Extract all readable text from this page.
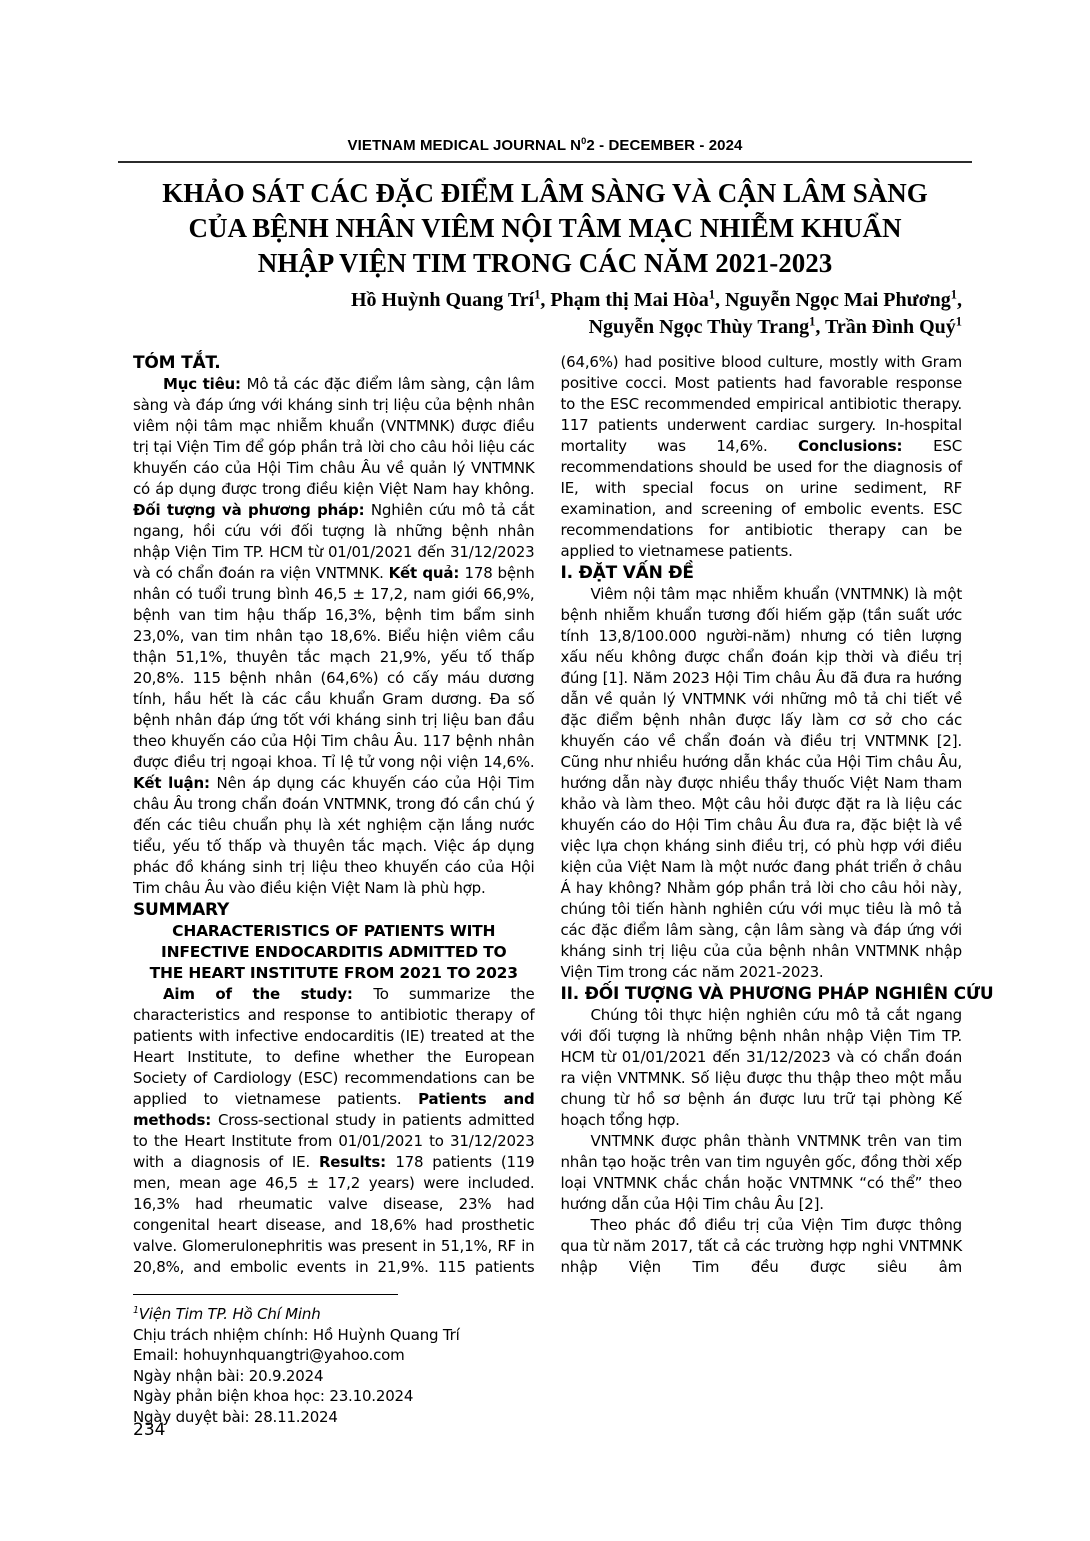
VIETNAM MEDICAL JOURNAL $N^02$ - DECEMBER - 2024
KHẢO SÁT CÁC ĐẶC ĐIỂM LÂM SÀNG VÀ CẬN LÂM SÀNG
CỦA BỆNH NHÂN VIÊM NỘI TÂM MẠC NHIỄM KHUẨN
NHẬP VIỆN TIM TRONG CÁC NĂM 2021-2023
Hồ Huỳnh Quang Trí$^1$, Phạm thị Mai Hòa$^1$, Nguyễn Ngọc Mai Phương$^1$,
Nguyễn Ngọc Thùy Trang$^1$, Trần Đình Quý$^1$
TÓM TẮT.

Mục tiêu: Mô tả các đặc điểm lâm sàng, cận lâm sàng và đáp ứng với kháng sinh trị liệu của bệnh nhân viêm nội tâm mạc nhiễm khuẩn (VNTMNK) được điều trị tại Viện Tim để góp phần trả lời cho câu hỏi liệu các khuyến cáo của Hội Tim châu Âu về quản lý VNTMNK có áp dụng được trong điều kiện Việt Nam hay không. Đối tượng và phương pháp: Nghiên cứu mô tả cắt ngang, hồi cứu với đối tượng là những bệnh nhân nhập Viện Tim TP. HCM từ 01/01/2021 đến 31/12/2023 và có chẩn đoán ra viện VNTMNK. Kết quả: 178 bệnh nhân có tuổi trung bình 46,5 ± 17,2, nam giới 66,9%, bệnh van tim hậu thấp 16,3%, bệnh tim bẩm sinh 23,0%, van tim nhân tạo 18,6%. Biểu hiện viêm cầu thận 51,1%, thuyên tắc mạch 21,9%, yếu tố thấp 20,8%. 115 bệnh nhân (64,6%) có cấy máu dương tính, hầu hết là các cầu khuẩn Gram dương. Đa số bệnh nhân đáp ứng tốt với kháng sinh trị liệu ban đầu theo khuyến cáo của Hội Tim châu Âu. 117 bệnh nhân được điều trị ngoại khoa. Tỉ lệ tử vong nội viện 14,6%. Kết luận: Nên áp dụng các khuyến cáo của Hội Tim châu Âu trong chẩn đoán VNTMNK, trong đó cần chú ý đến các tiêu chuẩn phụ là xét nghiệm cặn lắng nước tiểu, yếu tố thấp và thuyên tắc mạch. Việc áp dụng phác đồ kháng sinh trị liệu theo khuyến cáo của Hội Tim châu Âu vào điều kiện Việt Nam là phù hợp.

SUMMARY
CHARACTERISTICS OF PATIENTS WITH
INFECTIVE ENDOCARDITIS ADMITTED TO
THE HEART INSTITUTE FROM 2021 TO 2023

Aim of the study: To summarize the characteristics and response to antibiotic therapy of patients with infective endocarditis (IE) treated at the Heart Institute, to define whether the European Society of Cardiology (ESC) recommendations can be applied to vietnamese patients. Patients and methods: Cross-sectional study in patients admitted to the Heart Institute from 01/01/2021 to 31/12/2023 with a diagnosis of IE. Results: 178 patients (119 men, mean age 46,5 ± 17,2 years) were included. 16,3% had rheumatic valve disease, 23% had congenital heart disease, and 18,6% had prosthetic valve. Glomerulonephritis was present in 51,1%, RF in 20,8%, and embolic events in 21,9%. 115 patients

$^1$Viện Tim TP. Hồ Chí Minh
Chịu trách nhiệm chính: Hồ Huỳnh Quang Trí
Email: hohuynhquangtri@yahoo.com
Ngày nhận bài: 20.9.2024
Ngày phản biện khoa học: 23.10.2024
Ngày duyệt bài: 28.11.2024

(64,6%) had positive blood culture, mostly with Gram positive cocci. Most patients had favorable response to the ESC recommended empirical antibiotic therapy. 117 patients underwent cardiac surgery. In-hospital mortality was 14,6%. Conclusions: ESC recommendations should be used for the diagnosis of IE, with special focus on urine sediment, RF examination, and screening of embolic events. ESC recommendations for antibiotic therapy can be applied to vietnamese patients.

I. ĐẶT VẤN ĐỀ

Viêm nội tâm mạc nhiễm khuẩn (VNTMNK) là một bệnh nhiễm khuẩn tương đối hiếm gặp (tần suất ước tính 13,8/100.000 người-năm) nhưng có tiên lượng xấu nếu không được chẩn đoán kịp thời và điều trị đúng [1]. Năm 2023 Hội Tim châu Âu đã đưa ra hướng dẫn về quản lý VNTMNK với những mô tả chi tiết về đặc điểm bệnh nhân được lấy làm cơ sở cho các khuyến cáo về chẩn đoán và điều trị VNTMNK [2]. Cũng như nhiều hướng dẫn khác của Hội Tim châu Âu, hướng dẫn này được nhiều thầy thuốc Việt Nam tham khảo và làm theo. Một câu hỏi được đặt ra là liệu các khuyến cáo do Hội Tim châu Âu đưa ra, đặc biệt là về việc lựa chọn kháng sinh điều trị, có phù hợp với điều kiện của Việt Nam là một nước đang phát triển ở châu Á hay không? Nhằm góp phần trả lời cho câu hỏi này, chúng tôi tiến hành nghiên cứu với mục tiêu là mô tả các đặc điểm lâm sàng, cận lâm sàng và đáp ứng với kháng sinh trị liệu của của bệnh nhân VNTMNK nhập Viện Tim trong các năm 2021-2023.

II. ĐỐI TƯỢNG VÀ PHƯƠNG PHÁP NGHIÊN CỨU

Chúng tôi thực hiện nghiên cứu mô tả cắt ngang với đối tượng là những bệnh nhân nhập Viện Tim TP. HCM từ 01/01/2021 đến 31/12/2023 và có chẩn đoán ra viện VNTMNK. Số liệu được thu thập theo một mẫu chung từ hồ sơ bệnh án được lưu trữ tại phòng Kế hoạch tổng hợp.

VNTMNK được phân thành VNTMNK trên van tim nhân tạo hoặc trên van tim nguyên gốc, đồng thời xếp loại VNTMNK chắc chắn hoặc VNTMNK “có thể” theo hướng dẫn của Hội Tim châu Âu [2].

Theo phác đồ điều trị của Viện Tim được thông qua từ năm 2017, tất cả các trường hợp nghi VNTMNK nhập Viện Tim đều được siêu âm

234
